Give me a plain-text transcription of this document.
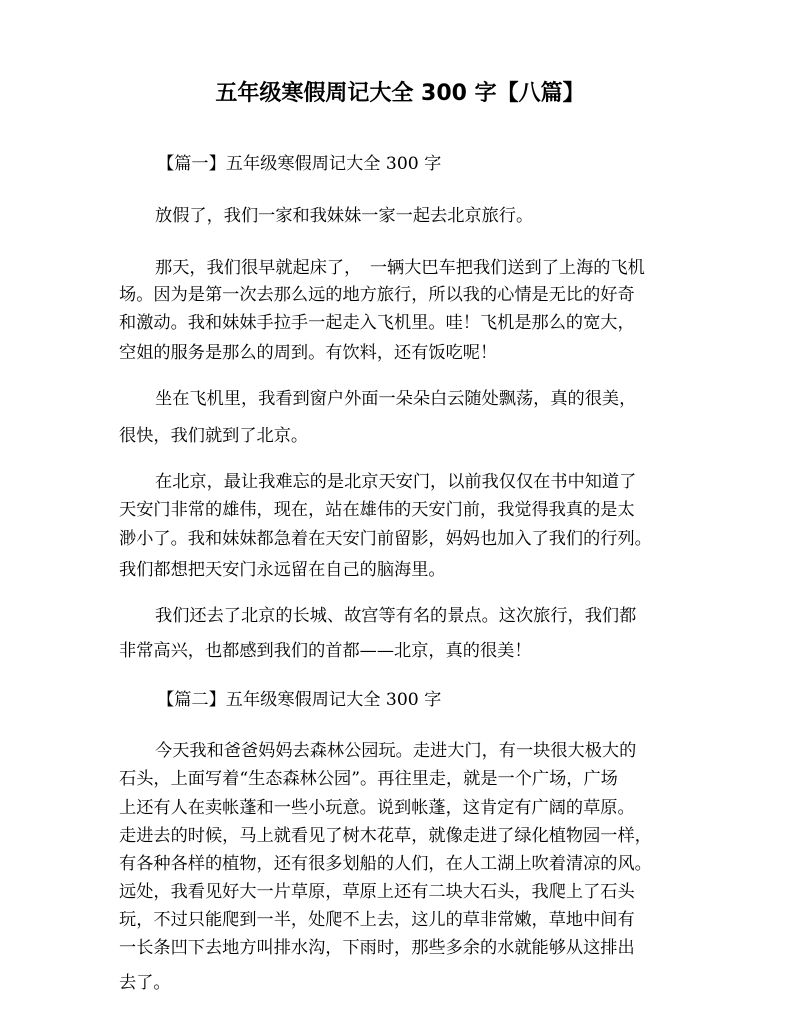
五年级寒假周记大全 300 字【八篇】
【篇一】五年级寒假周记大全 300 字
放假了，我们一家和我妹妹一家一起去北京旅行。
那天，我们很早就起床了，　一辆大巴车把我们送到了上海的飞机
场。因为是第一次去那么远的地方旅行，所以我的心情是无比的好奇
和激动。我和妹妹手拉手一起走入飞机里。哇！飞机是那么的宽大，
空姐的服务是那么的周到。有饮料，还有饭吃呢！
坐在飞机里，我看到窗户外面一朵朵白云随处飘荡，真的很美，
很快，我们就到了北京。
在北京，最让我难忘的是北京天安门，以前我仅仅在书中知道了
天安门非常的雄伟，现在，站在雄伟的天安门前，我觉得我真的是太
渺小了。我和妹妹都急着在天安门前留影，妈妈也加入了我们的行列。
我们都想把天安门永远留在自己的脑海里。
我们还去了北京的长城、故宫等有名的景点。这次旅行，我们都
非常高兴，也都感到我们的首都——北京，真的很美！
【篇二】五年级寒假周记大全 300 字
今天我和爸爸妈妈去森林公园玩。走进大门，有一块很大极大的
石头，上面写着“生态森林公园”。再往里走，就是一个广场，广场
上还有人在卖帐蓬和一些小玩意。说到帐蓬，这肯定有广阔的草原。
走进去的时候，马上就看见了树木花草，就像走进了绿化植物园一样，
有各种各样的植物，还有很多划船的人们，在人工湖上吹着清凉的风。
远处，我看见好大一片草原，草原上还有二块大石头，我爬上了石头
玩，不过只能爬到一半，处爬不上去，这儿的草非常嫩，草地中间有
一长条凹下去地方叫排水沟，下雨时，那些多余的水就能够从这排出
去了。
